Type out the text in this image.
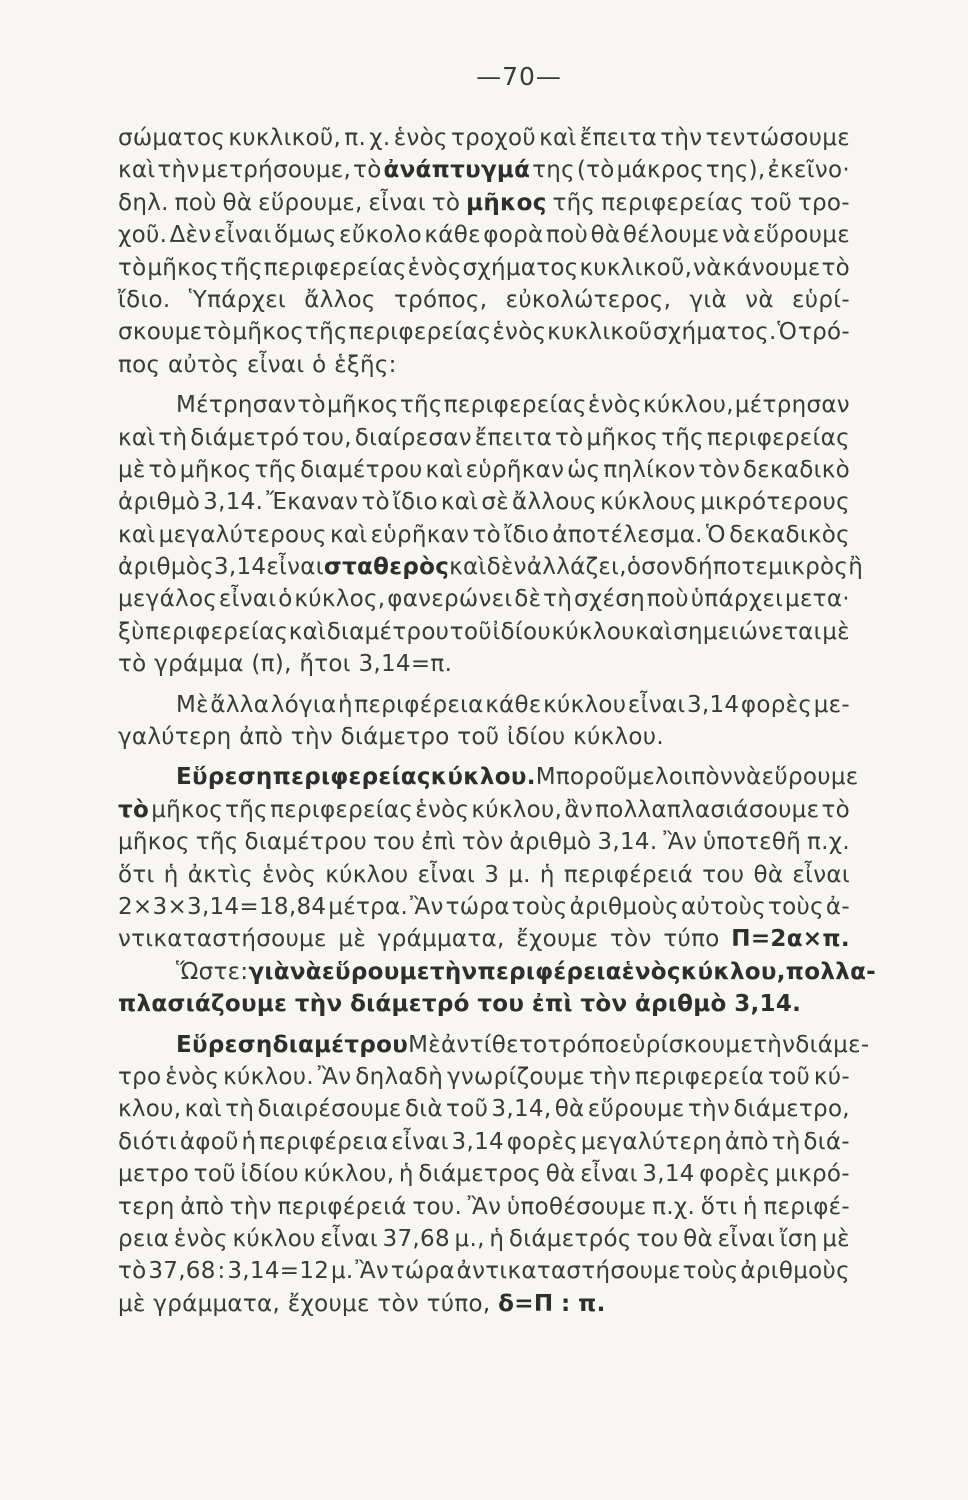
—70—
σώματος κυκλικοῦ, π. χ. ἑνὸς τροχοῦ καὶ ἔπειτα τὴν τεντώσουμε
καὶ τὴν μετρήσουμε, τὸ ἀνάπτυγμά της (τὸ μάκρος της), ἐκεῖνο·
δηλ. ποὺ θὰ εὕρουμε, εἶναι τὸ μῆκος τῆς περιφερείας τοῦ τρο-
χοῦ. Δὲν εἶναι ὅμως εὔκολο κάθε φορὰ ποὺ θὰ θέλουμε νὰ εὕρουμε
τὸ μῆκος τῆς περιφερείας ἑνὸς σχήματος κυκλικοῦ, νὰ κάνουμε τὸ
ἴδιο. Ὑπάρχει ἄλλος τρόπος, εὐκολώτερος, γιὰ νὰ εὑρί-
σκουμε τὸ μῆκος τῆς περιφερείας ἑνὸς κυκλικοῦ σχήματος. Ὁ τρό-
πος
αὐτὸς
εἶναι
ὁ
ἑξῆς:
Μέτρησαν τὸ μῆκος τῆς περιφερείας ἑνὸς κύκλου, μέτρησαν
καὶ τὴ διάμετρό του, διαίρεσαν ἔπειτα τὸ μῆκος τῆς περιφερείας
μὲ τὸ μῆκος τῆς διαμέτρου καὶ εὑρῆκαν ὡς πηλίκον τὸν δεκαδικὸ
ἀριθμὸ 3,14. Ἔκαναν τὸ ἴδιο καὶ σὲ ἄλλους κύκλους μικρότερους
καὶ μεγαλύτερους καὶ εὑρῆκαν τὸ ἴδιο ἀποτέλεσμα. Ὁ δεκαδικὸς
ἀριθμὸς 3,14 εἶναι σταθερὸς καὶ δὲν ἀλλάζει, ὁσονδήποτε μικρὸς ἢ
μεγάλος εἶναι ὁ κύκλος, φανερώνει δὲ τὴ σχέση ποὺ ὑπάρχει μετα·
ξὺ περιφερείας καὶ διαμέτρου τοῦ ἰδίου κύκλου καὶ σημειώνεται μὲ
τὸ
γράμμα
(π),
ἤτοι
3,14=π.
Μὲ ἄλλα λόγια ἡ περιφέρεια κάθε κύκλου εἶναι 3,14 φορὲς με-
γαλύτερη
ἀπὸ
τὴν
διάμετρο
τοῦ
ἰδίου
κύκλου.
Εὕρεση περιφερείας κύκλου. Μποροῦμε λοιπὸν νὰ εὕρουμε
τὸ μῆκος τῆς περιφερείας ἑνὸς κύκλου, ἂν πολλαπλασιάσουμε τὸ
μῆκος τῆς διαμέτρου του ἐπὶ τὸν ἀριθμὸ 3,14. Ἂν ὑποτεθῆ π.χ.
ὅτι ἡ ἀκτὶς ἑνὸς κύκλου εἶναι 3 μ. ἡ περιφέρειά του θὰ εἶναι
2×3×3,14=18,84 μέτρα. Ἂν τώρα τοὺς ἀριθμοὺς αὐτοὺς τοὺς ἀ-
ντικαταστήσουμε μὲ γράμματα, ἔχουμε τὸν τύπο Π=2α×π.
Ὥστε: γιὰ νὰ εὕρουμε τὴν περιφέρεια ἑνὸς κύκλου, πολλα-
πλασιάζουμε
τὴν
διάμετρό
του
ἐπὶ
τὸν
ἀριθμὸ
3,14.
Εὕρεση διαμέτρου Μὲ ἀντίθετο τρόπο εὑρίσκουμε τὴν διάμε-
τρο ἑνὸς κύκλου. Ἂν δηλαδὴ γνωρίζουμε τὴν περιφερεία τοῦ κύ-
κλου, καὶ τὴ διαιρέσουμε διὰ τοῦ 3,14, θὰ εὕρουμε τὴν διάμετρο,
διότι ἀφοῦ ἡ περιφέρεια εἶναι 3,14 φορὲς μεγαλύτερη ἀπὸ τὴ διά-
μετρο τοῦ ἰδίου κύκλου, ἡ διάμετρος θὰ εἶναι 3,14 φορὲς μικρό-
τερη ἀπὸ τὴν περιφέρειά του. Ἂν ὑποθέσουμε π.χ. ὅτι ἡ περιφέ-
ρεια ἑνὸς κύκλου εἶναι 37,68 μ., ἡ διάμετρός του θὰ εἶναι ἴση μὲ
τὸ 37,68 : 3,14=12 μ. Ἂν τώρα ἀντικαταστήσουμε τοὺς ἀριθμοὺς
μὲ
γράμματα,
ἔχουμε
τὸν
τύπο,
δ=Π
:
π.
